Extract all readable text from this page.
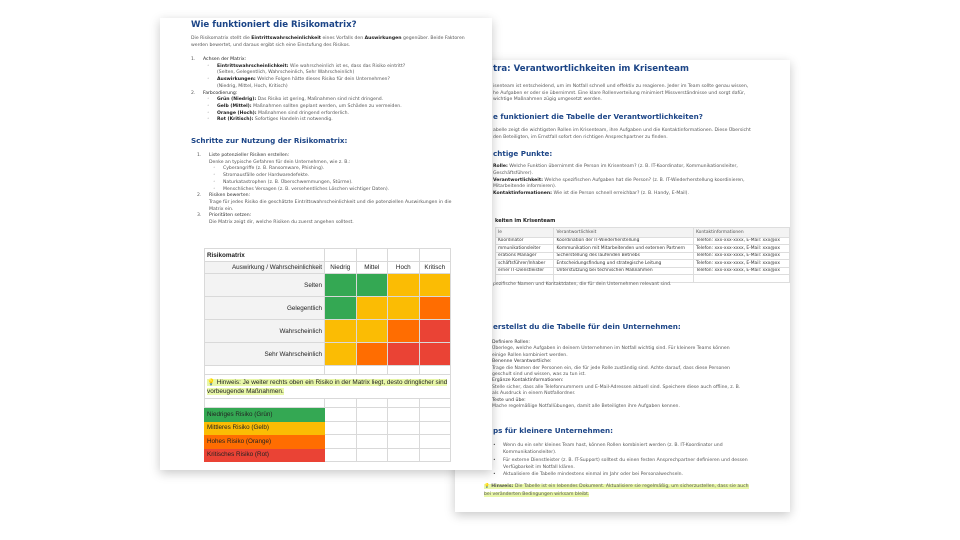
tra: Verantwortlichkeiten im Krisenteam
isenteam ist entscheidend, um im Notfall schnell und effektiv zu reagieren. Jeder im Team sollte genau wissen,
he Aufgaben er oder sie übernimmt. Eine klare Rollenverteilung minimiert Missverständnisse und sorgt dafür,
wichtige Maßnahmen zügig umgesetzt werden.
e funktioniert die Tabelle der Verantwortlichkeiten?
abelle zeigt die wichtigsten Rollen im Krisenteam, ihre Aufgaben und die Kontaktinformationen. Diese Übersicht
den Beteiligten, im Ernstfall sofort den richtigen Ansprechpartner zu finden.
chtige Punkte:
Rolle: Welche Funktion übernimmt die Person im Krisenteam? (z. B. IT-Koordinator, Kommunikationsleiter,
Geschäftsführer).
Verantwortlichkeit: Welche spezifischen Aufgaben hat die Person? (z. B. IT-Wiederherstellung koordinieren,
Mitarbeitende informieren).
Kontaktinformationen: Wie ist die Person schnell erreichbar? (z. B. Handy, E-Mail).
keiten im Krisenteam
le	Verantwortlichkeit	Kontaktinformationen
Koordinator	Koordination der IT-Wiederherstellung	Telefon: xxx-xxx-xxxx, E-Mail: xxx@xx
mmunikationsleiter	Kommunikation mit Mitarbeitenden und externen Partnern	Telefon: xxx-xxx-xxxx, E-Mail: xxx@xx
erations Manager	Sicherstellung des laufenden Betriebs	Telefon: xxx-xxx-xxxx, E-Mail: xxx@xx
schäftsführer/Inhaber	Entscheidungsfindung und strategische Leitung	Telefon: xxx-xxx-xxxx, E-Mail: xxx@xx
erner IT-Dienstleister	Unterstützung bei technischen Maßnahmen	Telefon: xxx-xxx-xxxx, E-Mail: xxx@xx

pezifische Namen und Kontaktdaten, die für dein Unternehmen relevant sind.
erstellst du die Tabelle für dein Unternehmen:
Definiere Rollen:
Überlege, welche Aufgaben in deinem Unternehmen im Notfall wichtig sind. Für kleinere Teams können
einige Rollen kombiniert werden.
Benenne Verantwortliche:
Trage die Namen der Personen ein, die für jede Rolle zuständig sind. Achte darauf, dass diese Personen
geschult sind und wissen, was zu tun ist.
Ergänze Kontaktinformationen:
Stelle sicher, dass alle Telefonnummern und E-Mail-Adressen aktuell sind. Speichere diese auch offline, z. B.
als Ausdruck in einem Notfallordner.
Teste und übe:
Mache regelmäßige Notfallübungen, damit alle Beteiligten ihre Aufgaben kennen.
ps für kleinere Unternehmen:
• Wenn du ein sehr kleines Team hast, können Rollen kombiniert werden (z. B. IT-Koordinator und
Kommunikationsleiter).
• Für externe Dienstleister (z. B. IT-Support) solltest du einen festen Ansprechpartner definieren und dessen
Verfügbarkeit im Notfall klären.
• Aktualisiere die Tabelle mindestens einmal im Jahr oder bei Personalwechseln.
💡 Hinweis: Die Tabelle ist ein lebendes Dokument. Aktualisiere sie regelmäßig, um sicherzustellen, dass sie auch
bei veränderten Bedingungen wirksam bleibt.
Wie funktioniert die Risikomatrix?
Die Risikomatrix stellt die Eintrittswahrscheinlichkeit eines Vorfalls den Auswirkungen gegenüber. Beide Faktoren
werden bewertet, und daraus ergibt sich eine Einstufung des Risikos.
1. Achsen der Matrix:
◦ Eintrittswahrscheinlichkeit: Wie wahrscheinlich ist es, dass das Risiko eintritt?
(Selten, Gelegentlich, Wahrscheinlich, Sehr Wahrscheinlich)
◦ Auswirkungen: Welche Folgen hätte dieses Risiko für dein Unternehmen?
(Niedrig, Mittel, Hoch, Kritisch)
2. Farbcodierung:
◦ Grün (Niedrig): Das Risiko ist gering, Maßnahmen sind nicht dringend.
◦ Gelb (Mittel): Maßnahmen sollten geplant werden, um Schäden zu vermeiden.
◦ Orange (Hoch): Maßnahmen sind dringend erforderlich.
◦ Rot (Kritisch): Sofortiges Handeln ist notwendig.
Schritte zur Nutzung der Risikomatrix:
1. Liste potenzieller Risiken erstellen:
Denke an typische Gefahren für dein Unternehmen, wie z. B.:
◦ Cyberangriffe (z. B. Ransomware, Phishing).
◦ Stromausfälle oder Hardwaredefekte.
◦ Naturkatastrophen (z. B. Überschwemmungen, Stürme).
◦ Menschliches Versagen (z. B. versehentliches Löschen wichtiger Daten).
2. Risiken bewerten:
Trage für jedes Risiko die geschätzte Eintrittswahrscheinlichkeit und die potenziellen Auswirkungen in die
Matrix ein.
3. Prioritäten setzen:
Die Matrix zeigt dir, welche Risiken du zuerst angehen solltest.
Risikomatrix				
Auswirkung / Wahrscheinlichkeit	Niedrig	Mittel	Hoch	Kritisch
Selten				
Gelegentlich				
Wahrscheinlich				
Sehr Wahrscheinlich				

💡 Hinweis: Je weiter rechts oben ein Risiko in der Matrix liegt, desto dringlicher sind vorbeugende Maßnahmen.				

Niedriges Risiko (Grün)				
Mittleres Risiko (Gelb)				
Hohes Risiko (Orange)				
Kritisches Risiko (Rot)				
